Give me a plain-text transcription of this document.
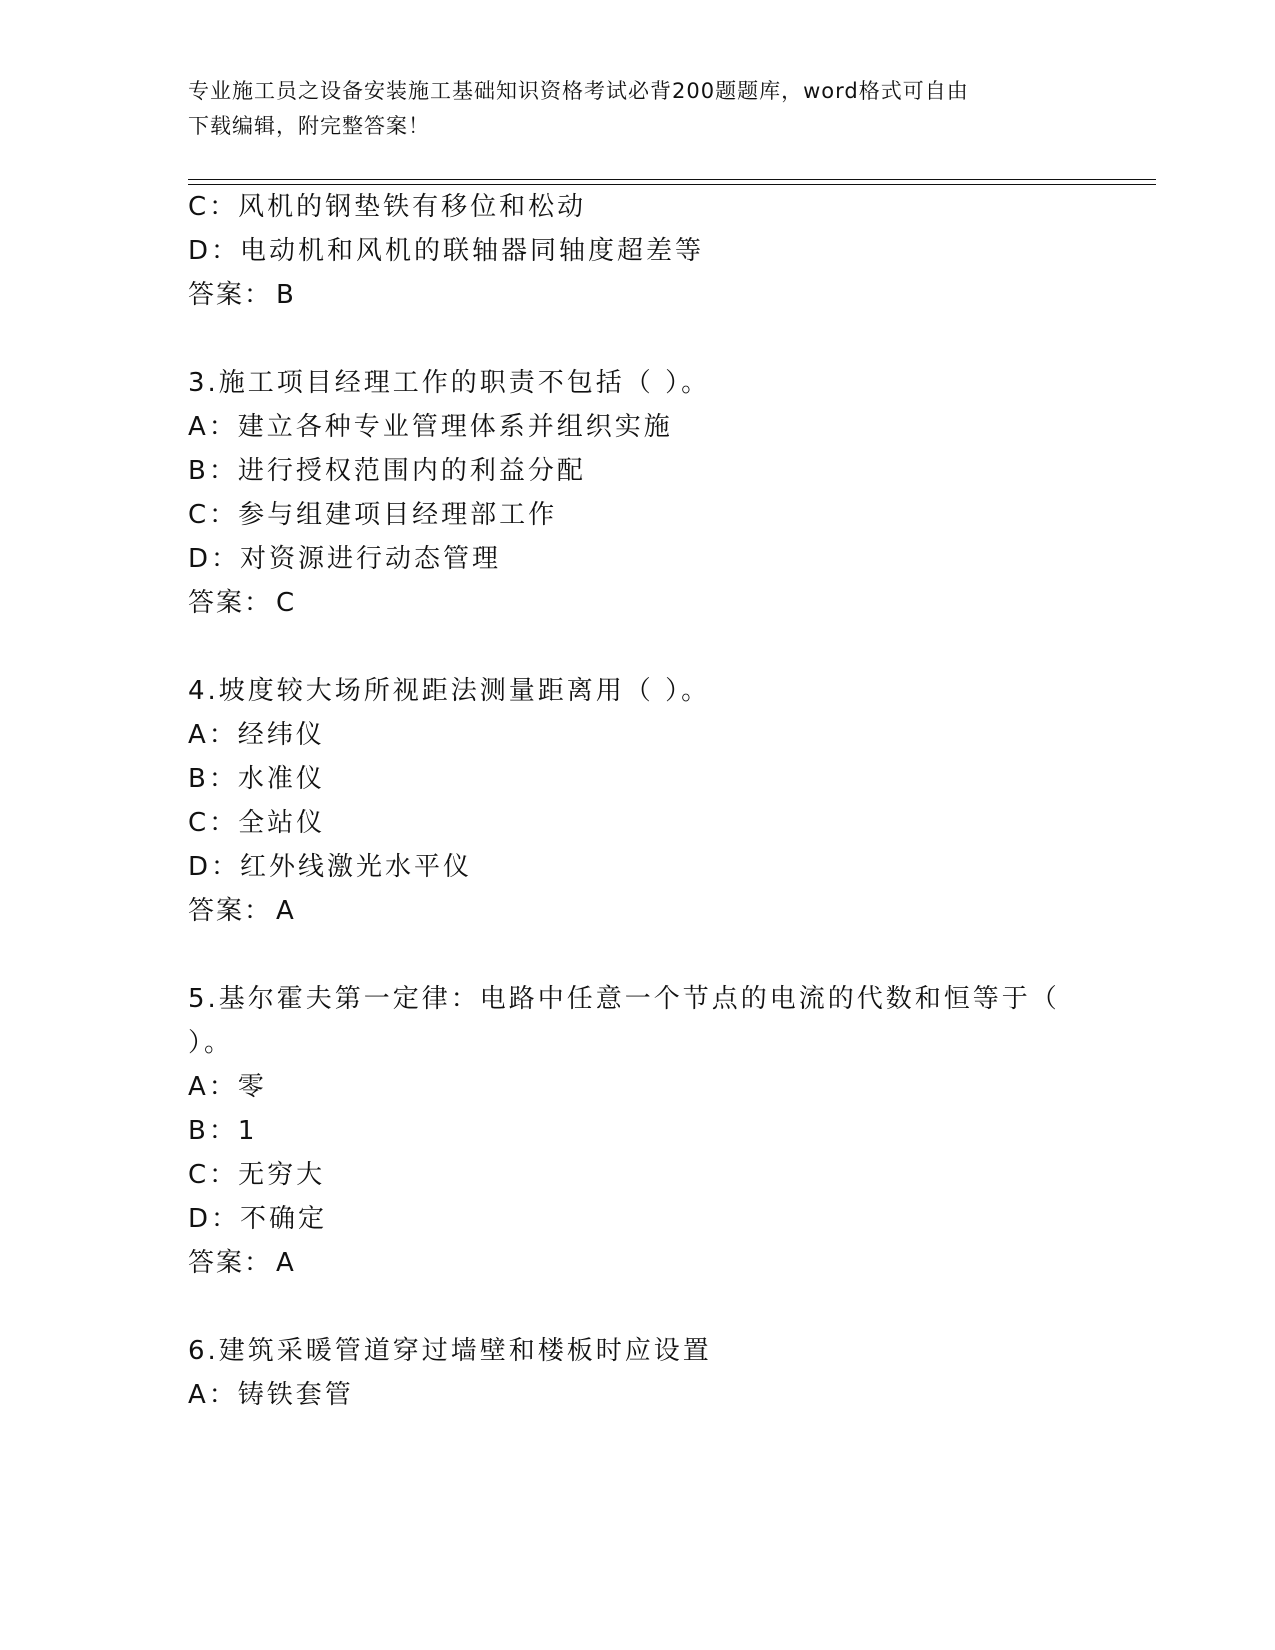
专业施工员之设备安装施工基础知识资格考试必背200题题库，word格式可自由
下载编辑，附完整答案！
C：风机的钢垫铁有移位和松动
D：电动机和风机的联轴器同轴度超差等
答案： B
3.施工项目经理工作的职责不包括（ ）。
A：建立各种专业管理体系并组织实施
B：进行授权范围内的利益分配
C：参与组建项目经理部工作
D：对资源进行动态管理
答案： C
4.坡度较大场所视距法测量距离用（ ）。
A：经纬仪
B：水准仪
C：全站仪
D：红外线激光水平仪
答案： A
5.基尔霍夫第一定律：电路中任意一个节点的电流的代数和恒等于（
）。
A：零
B：1
C：无穷大
D：不确定
答案： A
6.建筑采暖管道穿过墙壁和楼板时应设置
A：铸铁套管
